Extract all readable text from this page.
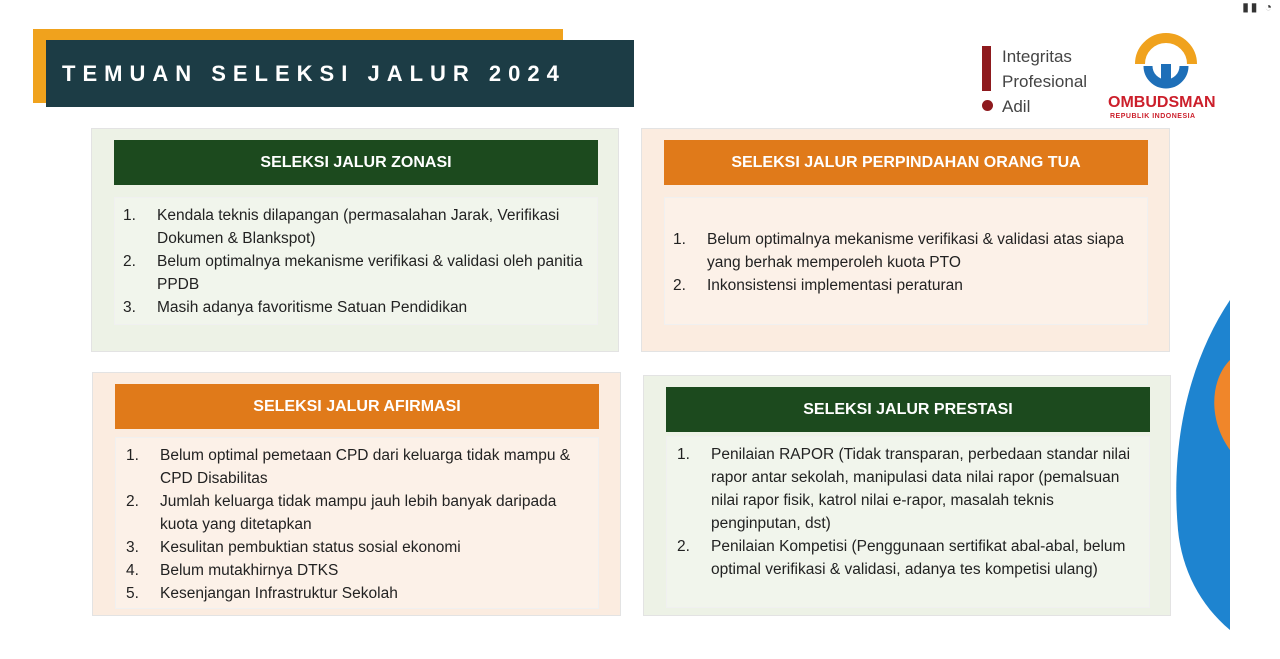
▮▮ ◔
TEMUAN SELEKSI JALUR 2024
Integritas
Profesional
Adil	OMBUDSMAN
REPUBLIK INDONESIA
SELEKSI JALUR ZONASI
1.	Kendala teknis dilapangan (permasalahan Jarak, Verifikasi Dokumen & Blankspot)
2.	Belum optimalnya mekanisme verifikasi & validasi oleh panitia PPDB
3.	Masih adanya favoritisme Satuan Pendidikan
SELEKSI JALUR PERPINDAHAN ORANG TUA
1.	Belum optimalnya mekanisme verifikasi & validasi atas siapa yang berhak memperoleh kuota PTO
2.	Inkonsistensi implementasi peraturan
SELEKSI JALUR AFIRMASI
1.	Belum optimal pemetaan CPD dari keluarga tidak mampu & CPD Disabilitas
2.	Jumlah keluarga tidak mampu jauh lebih banyak daripada kuota yang ditetapkan
3.	Kesulitan pembuktian status sosial ekonomi
4.	Belum mutakhirnya DTKS
5.	Kesenjangan Infrastruktur Sekolah
SELEKSI JALUR PRESTASI
1.	Penilaian RAPOR (Tidak transparan, perbedaan standar nilai rapor antar sekolah, manipulasi data nilai rapor (pemalsuan nilai rapor fisik, katrol nilai e-rapor, masalah teknis penginputan, dst)
2.	Penilaian Kompetisi (Penggunaan sertifikat abal-abal, belum optimal verifikasi & validasi, adanya tes kompetisi ulang)
